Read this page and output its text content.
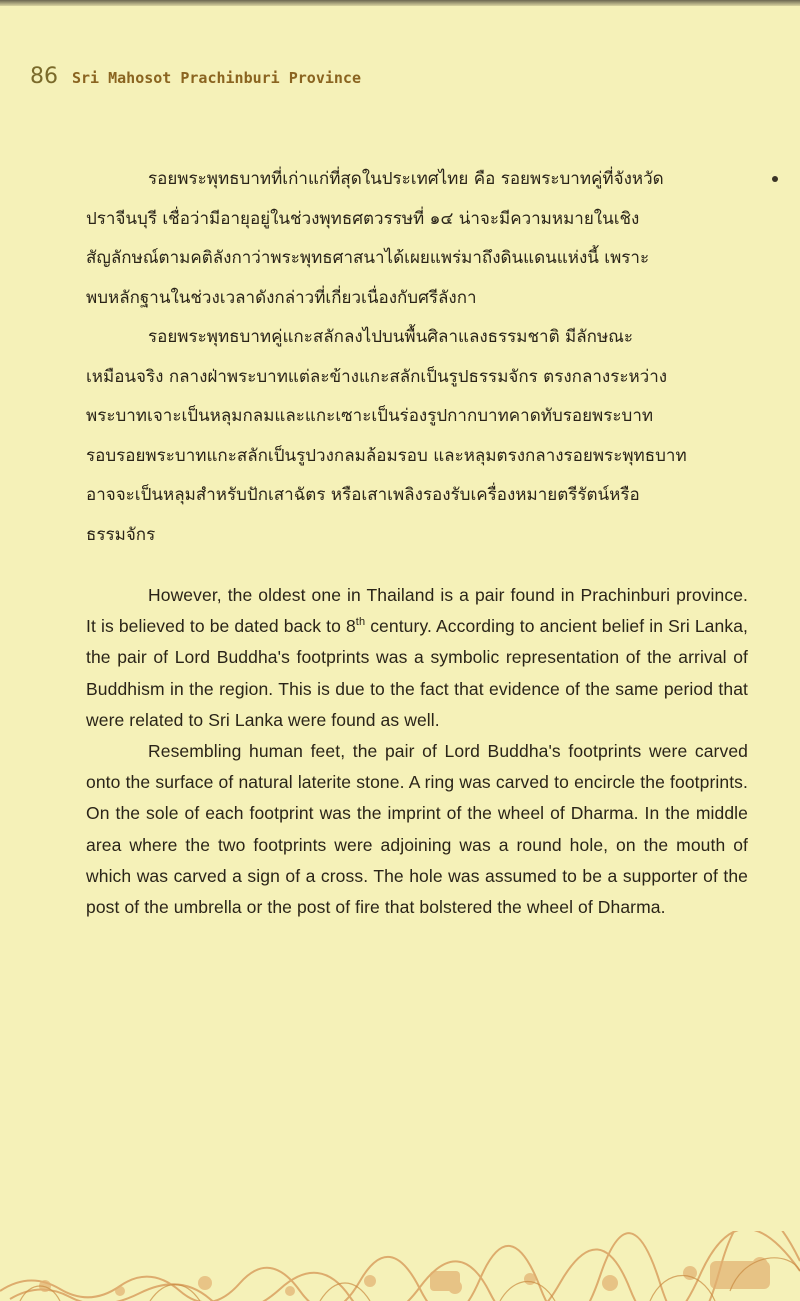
86 Sri Mahosot Prachinburi Province

รอยพระพุทธบาทที่เก่าแก่ที่สุดในประเทศไทย คือ รอยพระบาทคู่ที่จังหวัด
ปราจีนบุรี เชื่อว่ามีอายุอยู่ในช่วงพุทธศตวรรษที่ ๑๔ น่าจะมีความหมายในเชิง
สัญลักษณ์ตามคติลังกาว่าพระพุทธศาสนาได้เผยแพร่มาถึงดินแดนแห่งนี้ เพราะ
พบหลักฐานในช่วงเวลาดังกล่าวที่เกี่ยวเนื่องกับศรีลังกา

รอยพระพุทธบาทคู่แกะสลักลงไปบนพื้นศิลาแลงธรรมชาติ มีลักษณะ
เหมือนจริง กลางฝ่าพระบาทแต่ละข้างแกะสลักเป็นรูปธรรมจักร ตรงกลางระหว่าง
พระบาทเจาะเป็นหลุมกลมและแกะเซาะเป็นร่องรูปกากบาทคาดทับรอยพระบาท
รอบรอยพระบาทแกะสลักเป็นรูปวงกลมล้อมรอบ และหลุมตรงกลางรอยพระพุทธบาท
อาจจะเป็นหลุมสำหรับปักเสาฉัตร หรือเสาเพลิงรองรับเครื่องหมายตรีรัตน์หรือ
ธรรมจักร

However, the oldest one in Thailand is a pair found in Prachinburi province. It is believed to be dated back to 8th century. According to ancient belief in Sri Lanka, the pair of Lord Buddha's footprints was a symbolic representation of the arrival of Buddhism in the region. This is due to the fact that evidence of the same period that were related to Sri Lanka were found as well.

Resembling human feet, the pair of Lord Buddha's footprints were carved onto the surface of natural laterite stone. A ring was carved to encircle the footprints. On the sole of each footprint was the imprint of the wheel of Dharma. In the middle area where the two footprints were adjoining was a round hole, on the mouth of which was carved a sign of a cross. The hole was assumed to be a supporter of the post of the umbrella or the post of fire that bolstered the wheel of Dharma.
